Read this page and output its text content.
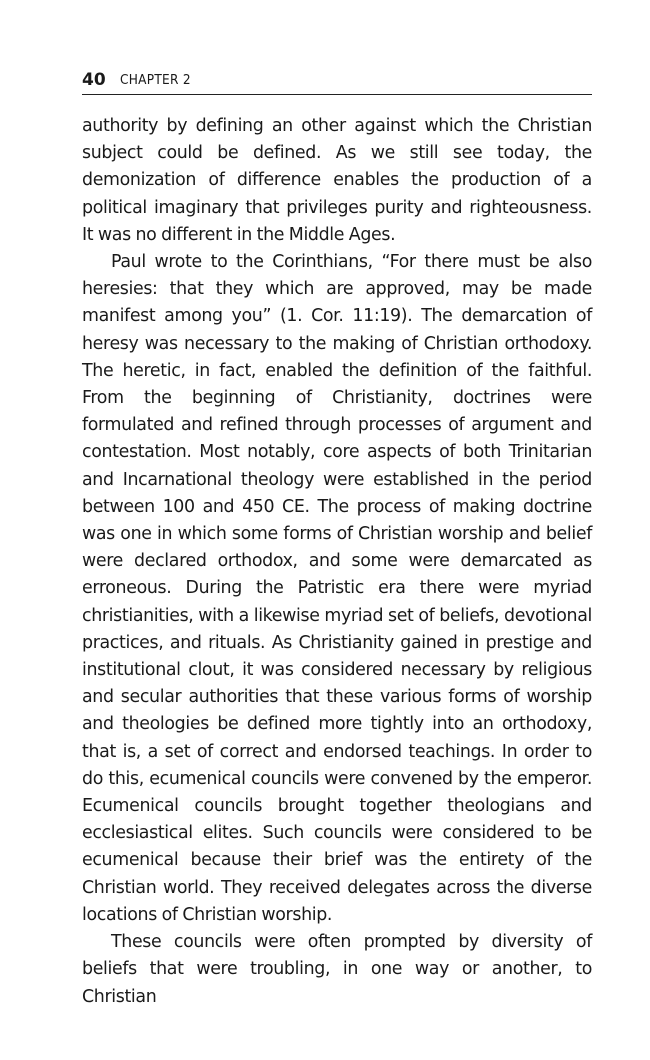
40 CHAPTER 2

authority by defining an other against which the Christian subject could be defined. As we still see today, the demonization of difference enables the production of a political imaginary that privileges purity and righteousness. It was no different in the Middle Ages.

Paul wrote to the Corinthians, “For there must be also heresies: that they which are approved, may be made manifest among you” (1. Cor. 11:19). The demarcation of heresy was necessary to the making of Christian orthodoxy. The heretic, in fact, enabled the definition of the faithful. From the beginning of Christianity, doctrines were formulated and refined through processes of argument and contestation. Most notably, core aspects of both Trinitarian and Incarnational theology were established in the period between 100 and 450 CE. The process of making doctrine was one in which some forms of Christian worship and belief were declared orthodox, and some were demarcated as erroneous. During the Patristic era there were myriad christianities, with a likewise myriad set of beliefs, devotional practices, and rituals. As Christianity gained in prestige and institutional clout, it was considered necessary by religious and secular authorities that these various forms of worship and theologies be defined more tightly into an orthodoxy, that is, a set of correct and endorsed teachings. In order to do this, ecumenical councils were convened by the emperor. Ecumenical councils brought together theologians and ecclesiastical elites. Such councils were considered to be ecumenical because their brief was the entirety of the Christian world. They received delegates across the diverse locations of Christian worship.

These councils were often prompted by diversity of beliefs that were troubling, in one way or another, to Christian
